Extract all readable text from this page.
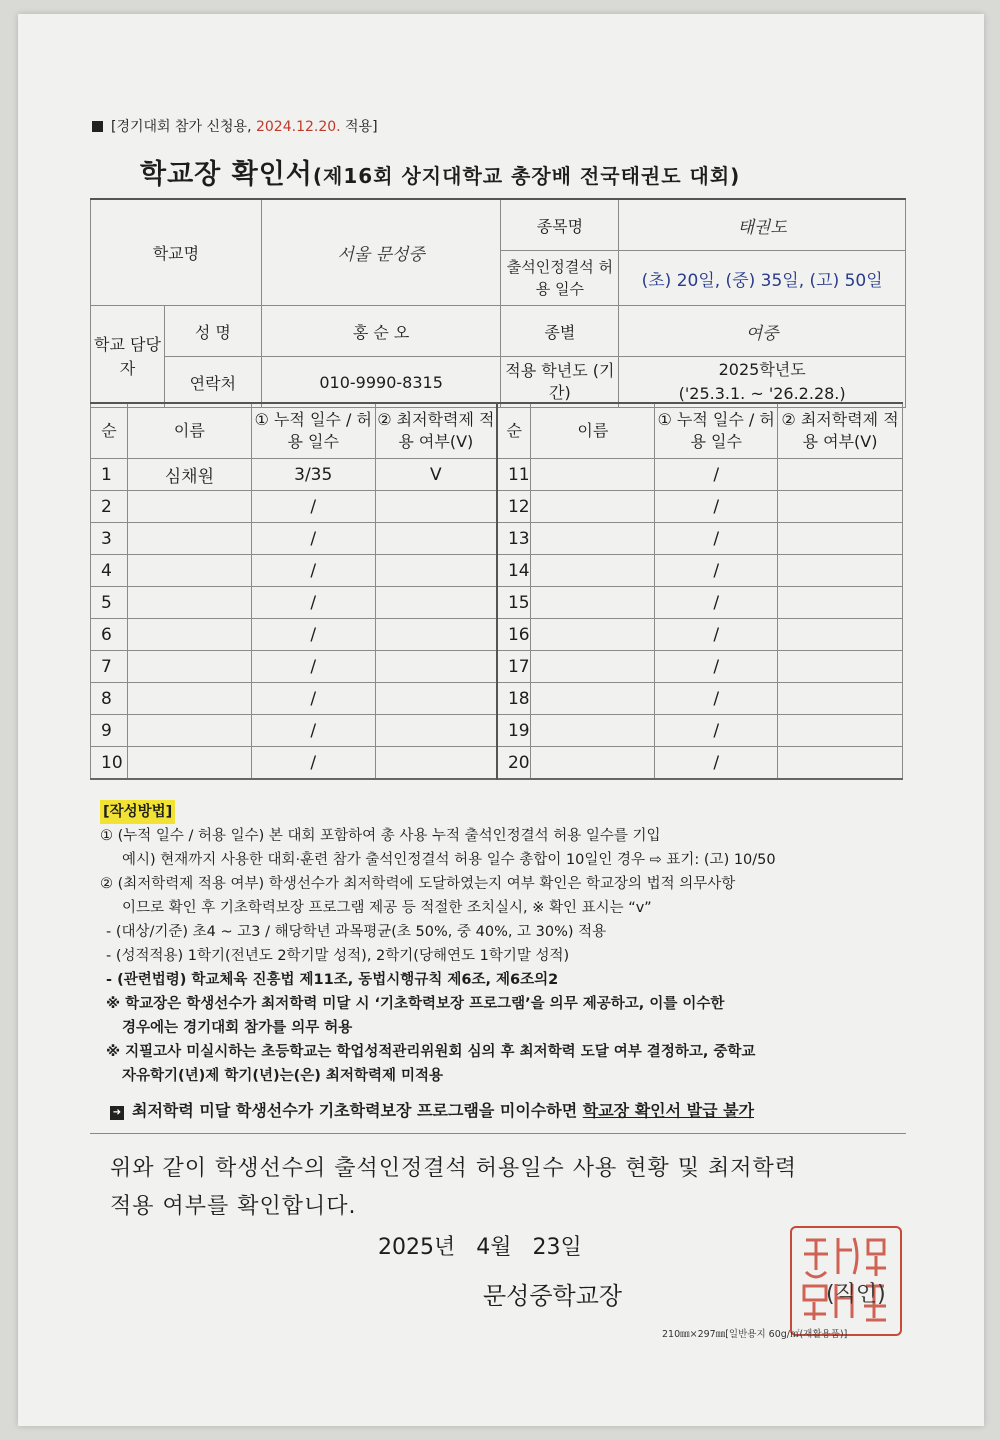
[경기대회 참가 신청용, 2024.12.20. 적용]
학교장 확인서(제16회 상지대학교 총장배 전국태권도 대회)
학교명		서울 문성중	종목명	태권도
			출석인정결석 허용 일수	(초) 20일, (중) 35일, (고) 50일
학교 담당자	성 명	홍 순 오	종별	여중
	연락처	010-9990-8315	적용 학년도 (기간)	2025학년도
('25.3.1. ~ '26.2.28.)
순	이름	① 누적 일수 / 허용 일수	② 최저학력제 적용 여부(V)	순	이름	① 누적 일수 / 허용 일수	② 최저학력제 적용 여부(V)
1	심채원	3/35	V	11		/	
2		/		12		/	
3		/		13		/	
4		/		14		/	
5		/		15		/	
6		/		16		/	
7		/		17		/	
8		/		18		/	
9		/		19		/	
10		/		20		/	
[작성방법]
① (누적 일수 / 허용 일수) 본 대회 포함하여 총 사용 누적 출석인정결석 허용 일수를 기입
예시) 현재까지 사용한 대회·훈련 참가 출석인정결석 허용 일수 총합이 10일인 경우 ⇨ 표기: (고) 10/50
② (최저학력제 적용 여부) 학생선수가 최저학력에 도달하였는지 여부 확인은 학교장의 법적 의무사항
이므로 확인 후 기초학력보장 프로그램 제공 등 적절한 조치실시, ※ 확인 표시는 “v”
- (대상/기준) 초4 ~ 고3 / 해당학년 과목평균(초 50%, 중 40%, 고 30%) 적용
- (성적적용) 1학기(전년도 2학기말 성적), 2학기(당해연도 1학기말 성적)
- (관련법령) 학교체육 진흥법 제11조, 동법시행규칙 제6조, 제6조의2
※ 학교장은 학생선수가 최저학력 미달 시 ‘기초학력보장 프로그램’을 의무 제공하고, 이를 이수한
경우에는 경기대회 참가를 의무 허용
※ 지필고사 미실시하는 초등학교는 학업성적관리위원회 심의 후 최저학력 도달 여부 결정하고, 중학교
자유학기(년)제 학기(년)는(은) 최저학력제 미적용
➜ 최저학력 미달 학생선수가 기초학력보장 프로그램을 미이수하면 학교장 확인서 발급 불가
위와 같이 학생선수의 출석인정결석 허용일수 사용 현황 및 최저학력
적용 여부를 확인합니다.
2025년 4월 23일
문성중학교장	(직인)
210㎜×297㎜[일반용지 60g/㎡(재활용품)]
